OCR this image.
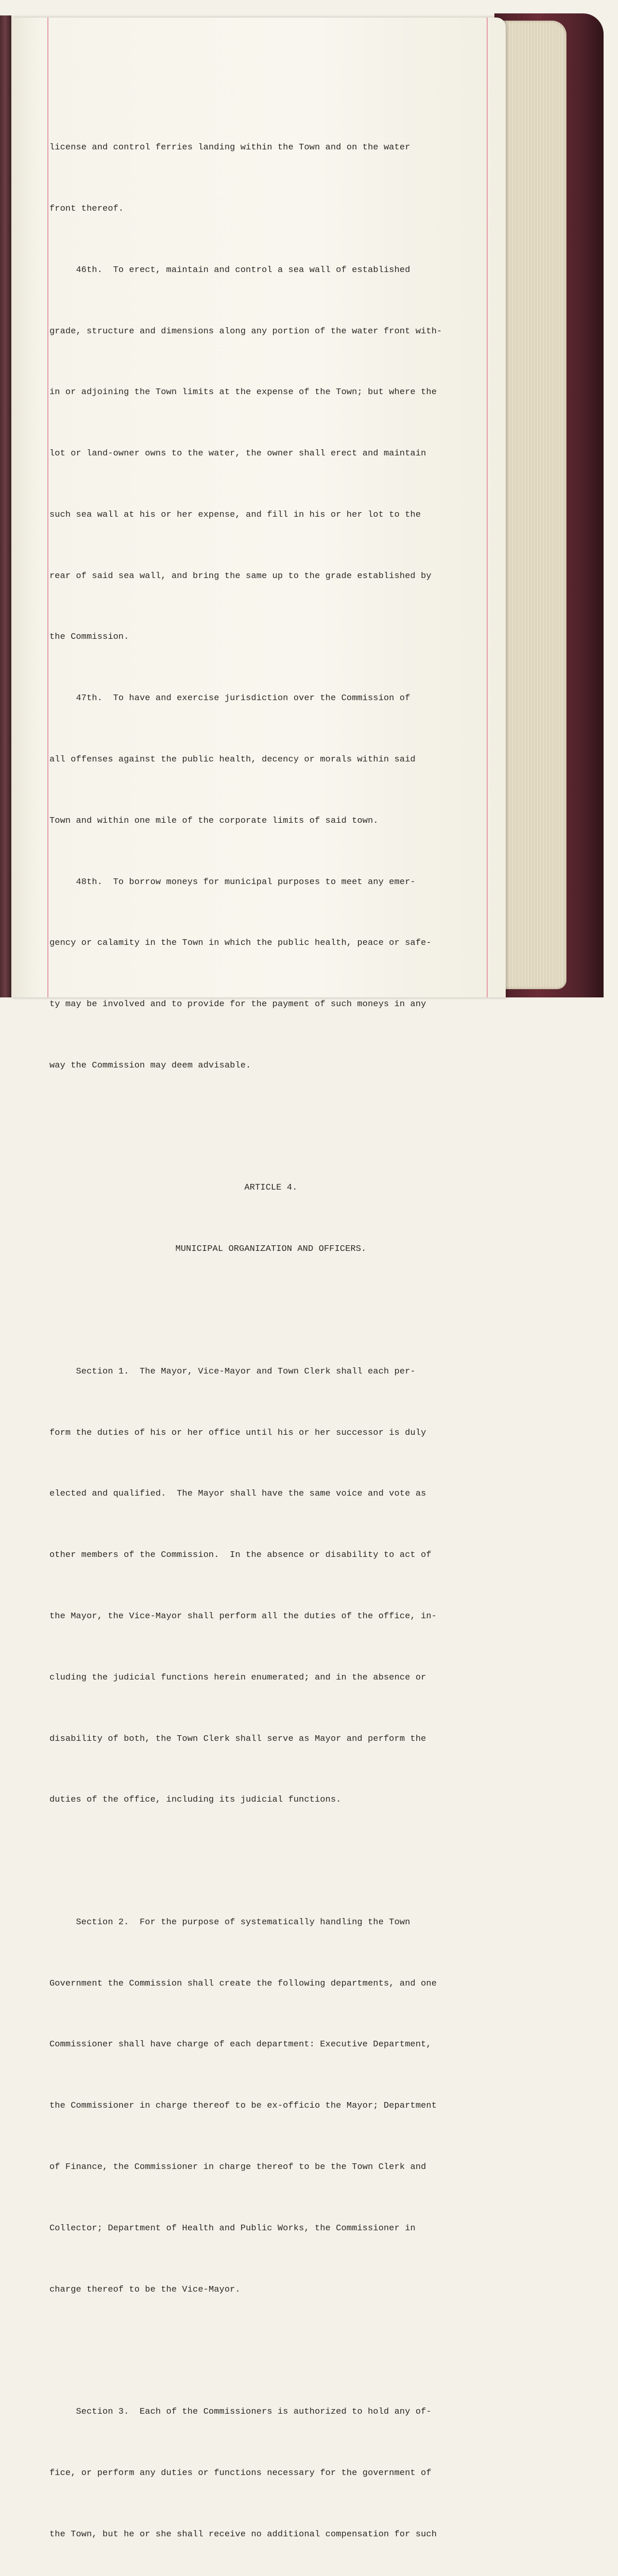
license and control ferries landing within the Town and on the water

front thereof.

46th.  To erect, maintain and control a sea wall of established

grade, structure and dimensions along any portion of the water front with-

in or adjoining the Town limits at the expense of the Town; but where the

lot or land-owner owns to the water, the owner shall erect and maintain

such sea wall at his or her expense, and fill in his or her lot to the

rear of said sea wall, and bring the same up to the grade established by

the Commission.

47th.  To have and exercise jurisdiction over the Commission of

all offenses against the public health, decency or morals within said

Town and within one mile of the corporate limits of said town.

48th.  To borrow moneys for municipal purposes to meet any emer-

gency or calamity in the Town in which the public health, peace or safe-

ty may be involved and to provide for the payment of such moneys in any

way the Commission may deem advisable.

ARTICLE 4.

MUNICIPAL ORGANIZATION AND OFFICERS.

Section 1.  The Mayor, Vice-Mayor and Town Clerk shall each per-

form the duties of his or her office until his or her successor is duly

elected and qualified.  The Mayor shall have the same voice and vote as

other members of the Commission.  In the absence or disability to act of

the Mayor, the Vice-Mayor shall perform all the duties of the office, in-

cluding the judicial functions herein enumerated; and in the absence or

disability of both, the Town Clerk shall serve as Mayor and perform the

duties of the office, including its judicial functions.

Section 2.  For the purpose of systematically handling the Town

Government the Commission shall create the following departments, and one

Commissioner shall have charge of each department: Executive Department,

the Commissioner in charge thereof to be ex-officio the Mayor; Department

of Finance, the Commissioner in charge thereof to be the Town Clerk and

Collector; Department of Health and Public Works, the Commissioner in

charge thereof to be the Vice-Mayor.

Section 3.  Each of the Commissioners is authorized to hold any of-

fice, or perform any duties or functions necessary for the government of

the Town, but he or she shall receive no additional compensation for such
